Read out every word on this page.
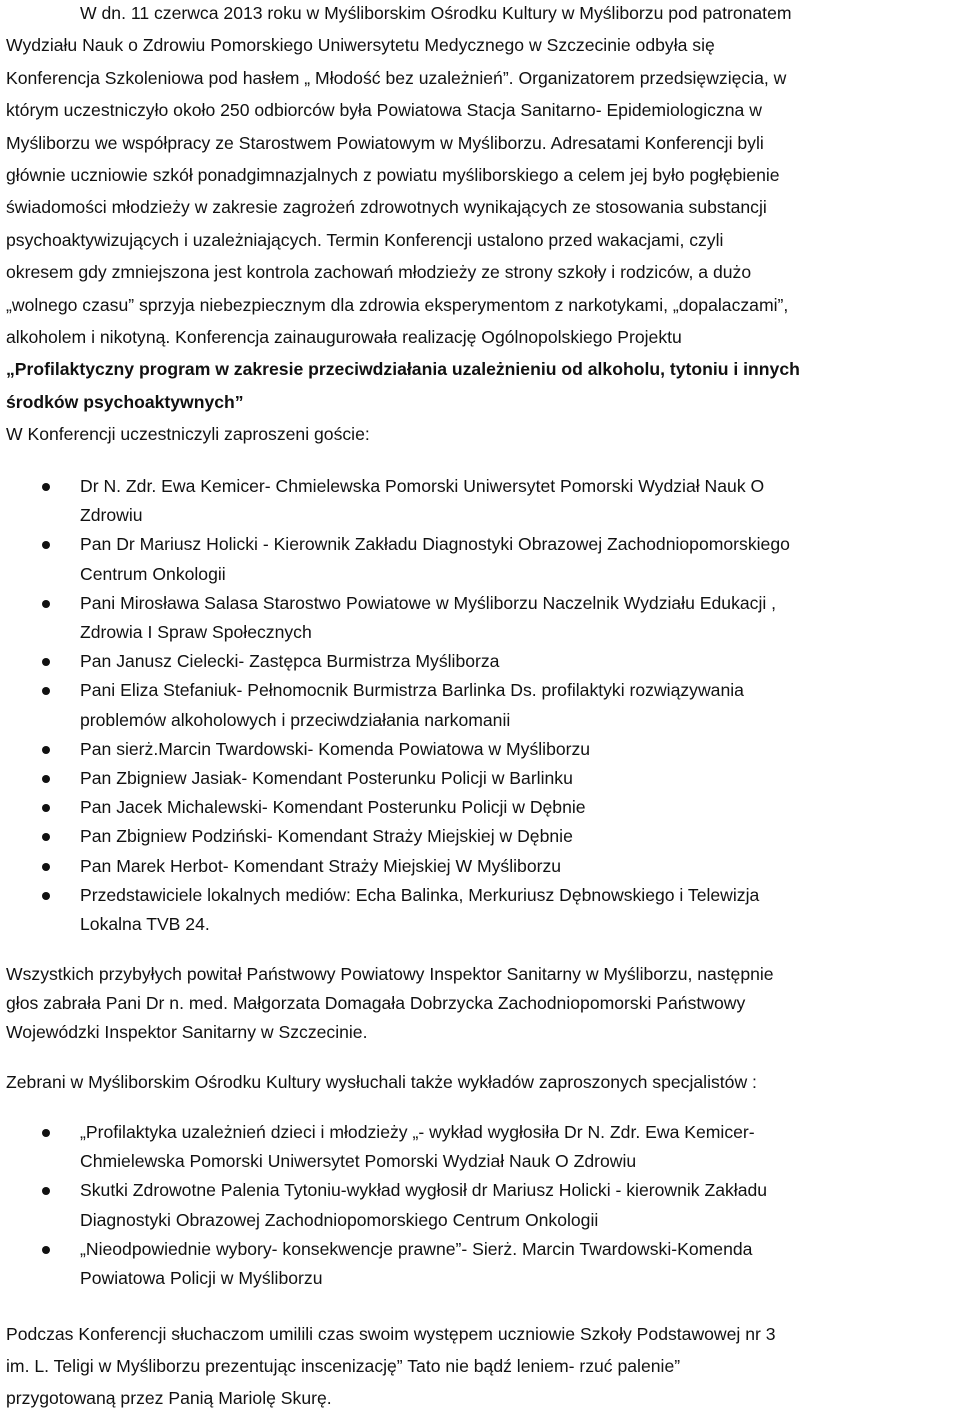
W dn. 11 czerwca 2013 roku w Myśliborskim Ośrodku Kultury w Myśliborzu pod patronatem
Wydziału Nauk o Zdrowiu Pomorskiego Uniwersytetu Medycznego w Szczecinie odbyła się
Konferencja Szkoleniowa pod hasłem „ Młodość bez uzależnień”. Organizatorem przedsięwzięcia, w
którym uczestniczyło około 250 odbiorców była Powiatowa Stacja Sanitarno- Epidemiologiczna w
Myśliborzu we współpracy ze Starostwem Powiatowym w Myśliborzu. Adresatami Konferencji byli
głównie uczniowie szkół ponadgimnazjalnych z powiatu myśliborskiego a celem jej było pogłębienie
świadomości młodzieży w zakresie zagrożeń zdrowotnych wynikających ze stosowania substancji
psychoaktywizujących i uzależniających. Termin Konferencji ustalono przed wakacjami, czyli
okresem gdy zmniejszona jest kontrola zachowań młodzieży ze strony szkoły i rodziców, a dużo
„wolnego czasu” sprzyja niebezpiecznym dla zdrowia eksperymentom z narkotykami, „dopalaczami”,
alkoholem i nikotyną. Konferencja zainaugurowała realizację Ogólnopolskiego Projektu
„Profilaktyczny program w zakresie przeciwdziałania uzależnieniu od alkoholu, tytoniu i innych
środków psychoaktywnych”
W Konferencji uczestniczyli zaproszeni goście:

Dr N. Zdr. Ewa Kemicer- Chmielewska Pomorski Uniwersytet Pomorski Wydział Nauk O
Zdrowiu
Pan Dr Mariusz Holicki - Kierownik Zakładu Diagnostyki Obrazowej Zachodniopomorskiego
Centrum Onkologii
Pani Mirosława Salasa Starostwo Powiatowe w Myśliborzu Naczelnik Wydziału Edukacji ,
Zdrowia I Spraw Społecznych
Pan Janusz Cielecki- Zastępca Burmistrza Myśliborza
Pani Eliza Stefaniuk- Pełnomocnik Burmistrza Barlinka Ds. profilaktyki rozwiązywania
problemów alkoholowych i przeciwdziałania narkomanii
Pan sierż.Marcin Twardowski- Komenda Powiatowa w Myśliborzu
Pan Zbigniew Jasiak- Komendant Posterunku Policji w Barlinku
Pan Jacek Michalewski- Komendant Posterunku Policji w Dębnie
Pan Zbigniew Podziński- Komendant Straży Miejskiej w Dębnie
Pan Marek Herbot- Komendant Straży Miejskiej W Myśliborzu
Przedstawiciele lokalnych mediów: Echa Balinka, Merkuriusz Dębnowskiego i Telewizja
Lokalna TVB 24.

Wszystkich przybyłych powitał Państwowy Powiatowy Inspektor Sanitarny w Myśliborzu, następnie
głos zabrała Pani Dr n. med. Małgorzata Domagała Dobrzycka Zachodniopomorski Państwowy
Wojewódzki Inspektor Sanitarny w Szczecinie.

Zebrani w Myśliborskim Ośrodku Kultury wysłuchali także wykładów zaproszonych specjalistów :

„Profilaktyka uzależnień dzieci i młodzieży „- wykład wygłosiła Dr N. Zdr. Ewa Kemicer-
Chmielewska Pomorski Uniwersytet Pomorski Wydział Nauk O Zdrowiu
Skutki Zdrowotne Palenia Tytoniu-wykład wygłosił dr Mariusz Holicki - kierownik Zakładu
Diagnostyki Obrazowej Zachodniopomorskiego Centrum Onkologii
„Nieodpowiednie wybory- konsekwencje prawne”- Sierż. Marcin Twardowski-Komenda
Powiatowa Policji w Myśliborzu

Podczas Konferencji słuchaczom umilili czas swoim występem uczniowie Szkoły Podstawowej nr 3
im. L. Teligi w Myśliborzu prezentując inscenizację” Tato nie bądź leniem- rzuć palenie”
przygotowaną przez Panią Mariolę Skurę.
